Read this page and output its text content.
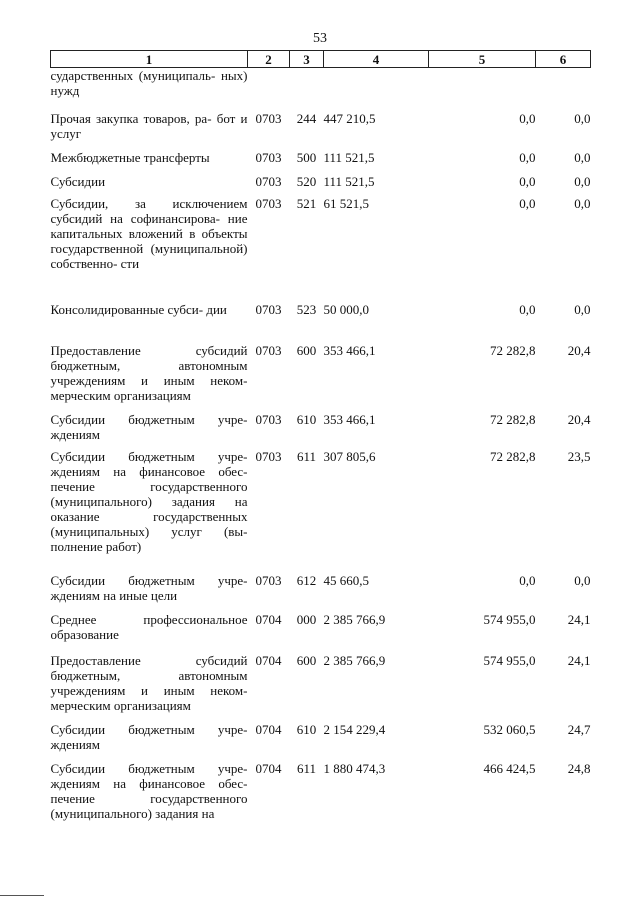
53
1	2	3	4	5	6
сударственных (муниципаль- ных) нужд					
Прочая закупка товаров, ра- бот и услуг	0703	244	447 210,5	0,0	0,0
Межбюджетные трансферты	0703	500	111 521,5	0,0	0,0
Субсидии	0703	520	111 521,5	0,0	0,0
Субсидии, за исключением субсидий на софинансирова- ние капитальных вложений в объекты государственной (муниципальной) собственно- сти	0703	521	61 521,5	0,0	0,0
Консолидированные субси- дии	0703	523	50 000,0	0,0	0,0
Предоставление субсидий бюджетным, автономным учреждениям и иным неком- мерческим организациям	0703	600	353 466,1	72 282,8	20,4
Субсидии бюджетным учре- ждениям	0703	610	353 466,1	72 282,8	20,4
Субсидии бюджетным учре- ждениям на финансовое обес- печение государственного (муниципального) задания на оказание государственных (муниципальных) услуг (вы- полнение работ)	0703	611	307 805,6	72 282,8	23,5
Субсидии бюджетным учре- ждениям на иные цели	0703	612	45 660,5	0,0	0,0
Среднее профессиональное образование	0704	000	2 385 766,9	574 955,0	24,1
Предоставление субсидий бюджетным, автономным учреждениям и иным неком- мерческим организациям	0704	600	2 385 766,9	574 955,0	24,1
Субсидии бюджетным учре- ждениям	0704	610	2 154 229,4	532 060,5	24,7
Субсидии бюджетным учре- ждениям на финансовое обес- печение государственного (муниципального) задания на	0704	611	1 880 474,3	466 424,5	24,8
